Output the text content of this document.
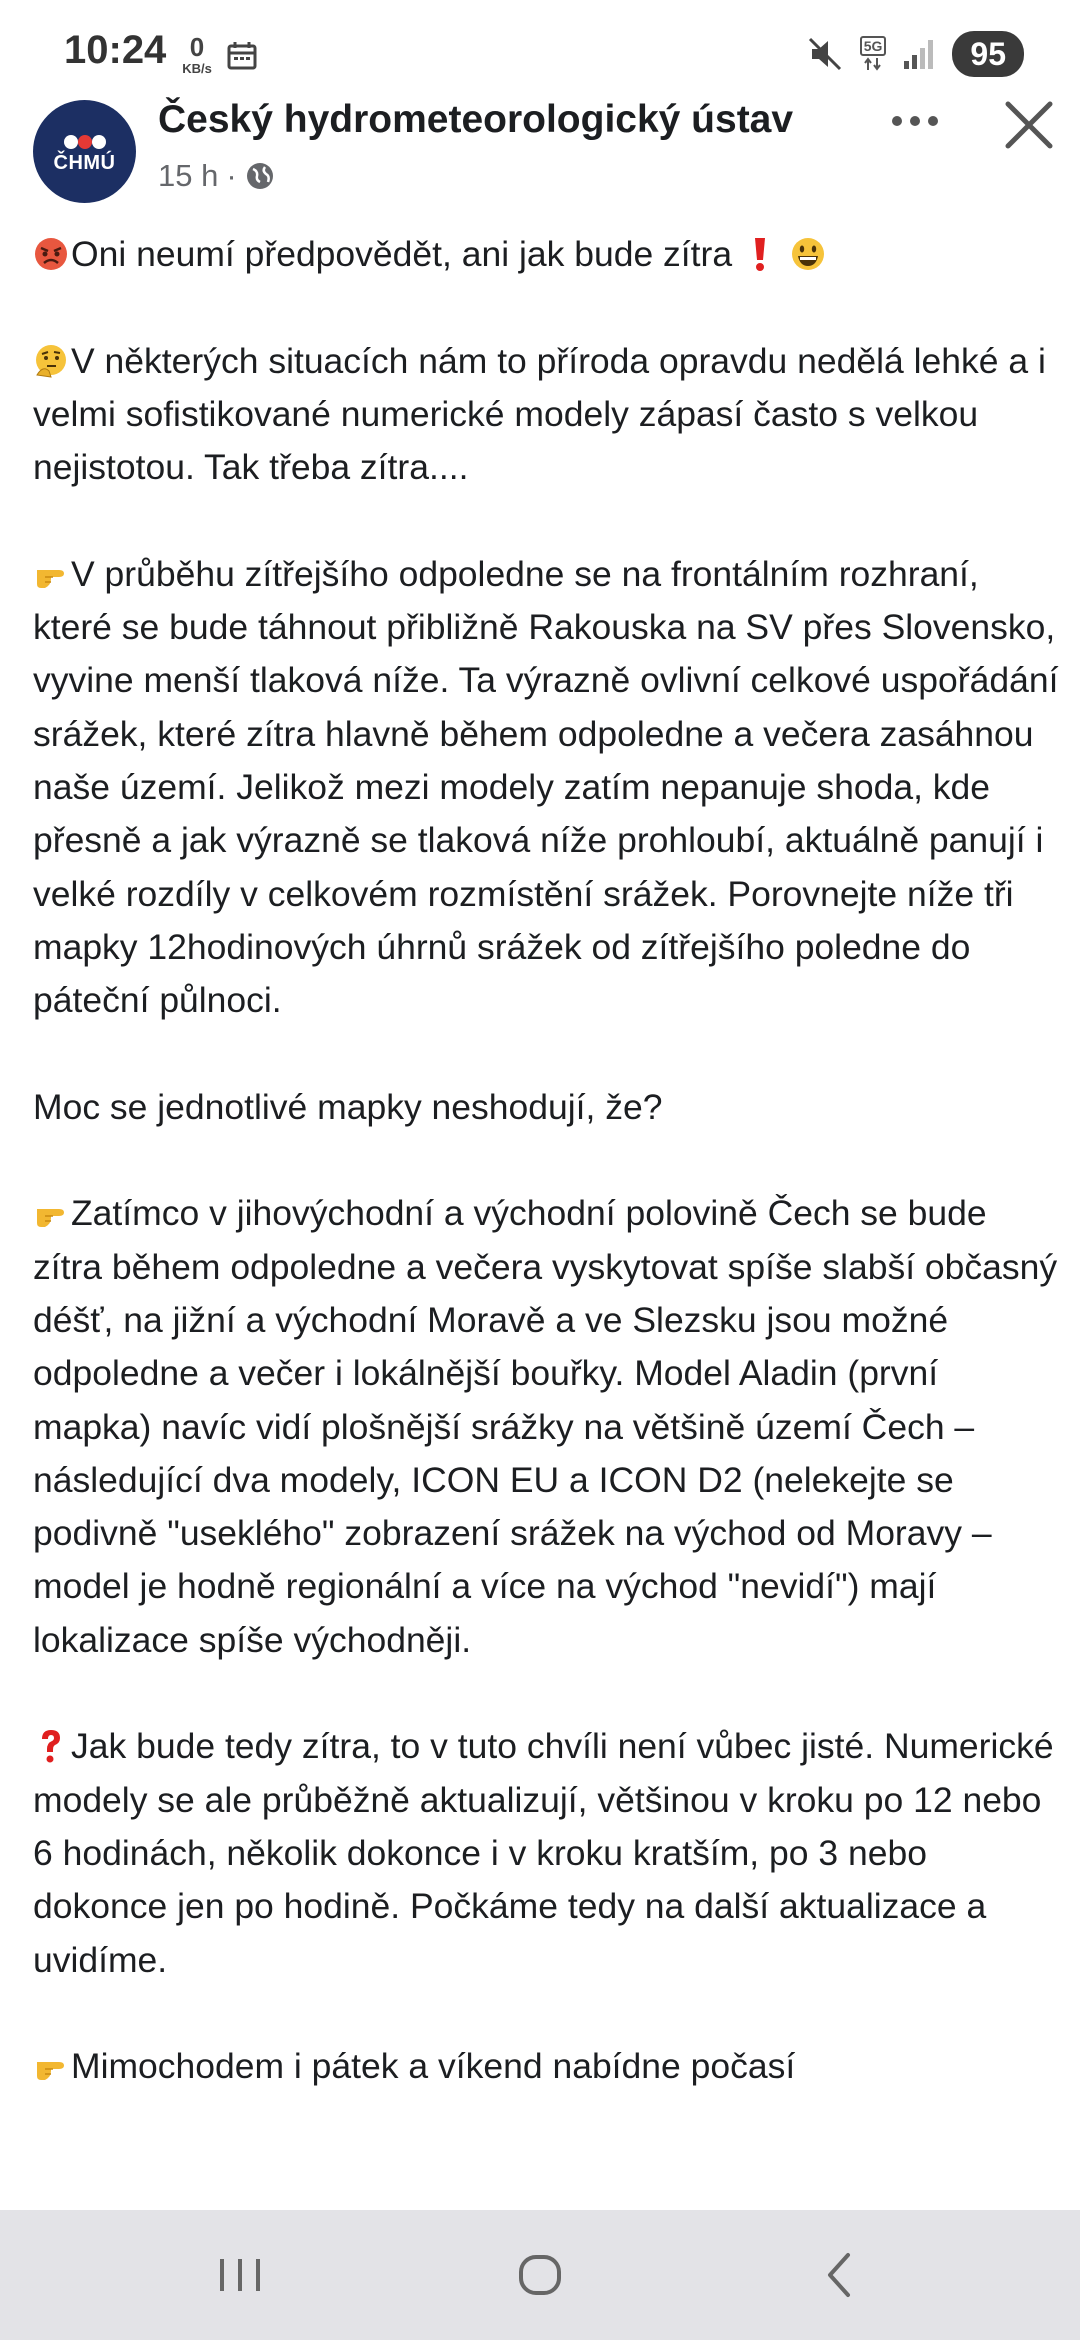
10:24 0
KB/s
5G	95
ČHMÚ
Český hydrometeorologický ústav
15 h ·

Oni neumí předpovědět, ani jak bude zítra

V některých situacích nám to příroda opravdu nedělá lehké a i velmi sofistikované numerické modely zápasí často s velkou nejistotou. Tak třeba zítra....

V průběhu zítřejšího odpoledne se na frontálním rozhraní, které se bude táhnout přibližně Rakouska na SV přes Slovensko, vyvine menší tlaková níže. Ta výrazně ovlivní celkové uspořádání srážek, které zítra hlavně během odpoledne a večera zasáhnou naše území. Jelikož mezi modely zatím nepanuje shoda, kde přesně a jak výrazně se tlaková níže prohloubí, aktuálně panují i velké rozdíly v celkovém rozmístění srážek. Porovnejte níže tři mapky 12hodinových úhrnů srážek od zítřejšího poledne do páteční půlnoci.

Moc se jednotlivé mapky neshodují, že?

Zatímco v jihovýchodní a východní polovině Čech se bude zítra během odpoledne a večera vyskytovat spíše slabší občasný déšť, na jižní a východní Moravě a ve Slezsku jsou možné odpoledne a večer i lokálnější bouřky. Model Aladin (první mapka) navíc vidí plošnější srážky na většině území Čech – následující dva modely, ICON EU a ICON D2 (nelekejte se podivně "useklého" zobrazení srážek na východ od Moravy – model je hodně regionální a více na východ "nevidí") mají lokalizace spíše východněji.

Jak bude tedy zítra, to v tuto chvíli není vůbec jisté. Numerické modely se ale průběžně aktualizují, většinou v kroku po 12 nebo 6 hodinách, několik dokonce i v kroku kratším, po 3 nebo dokonce jen po hodině. Počkáme tedy na další aktualizace a uvidíme.

Mimochodem i pátek a víkend nabídne počasí
